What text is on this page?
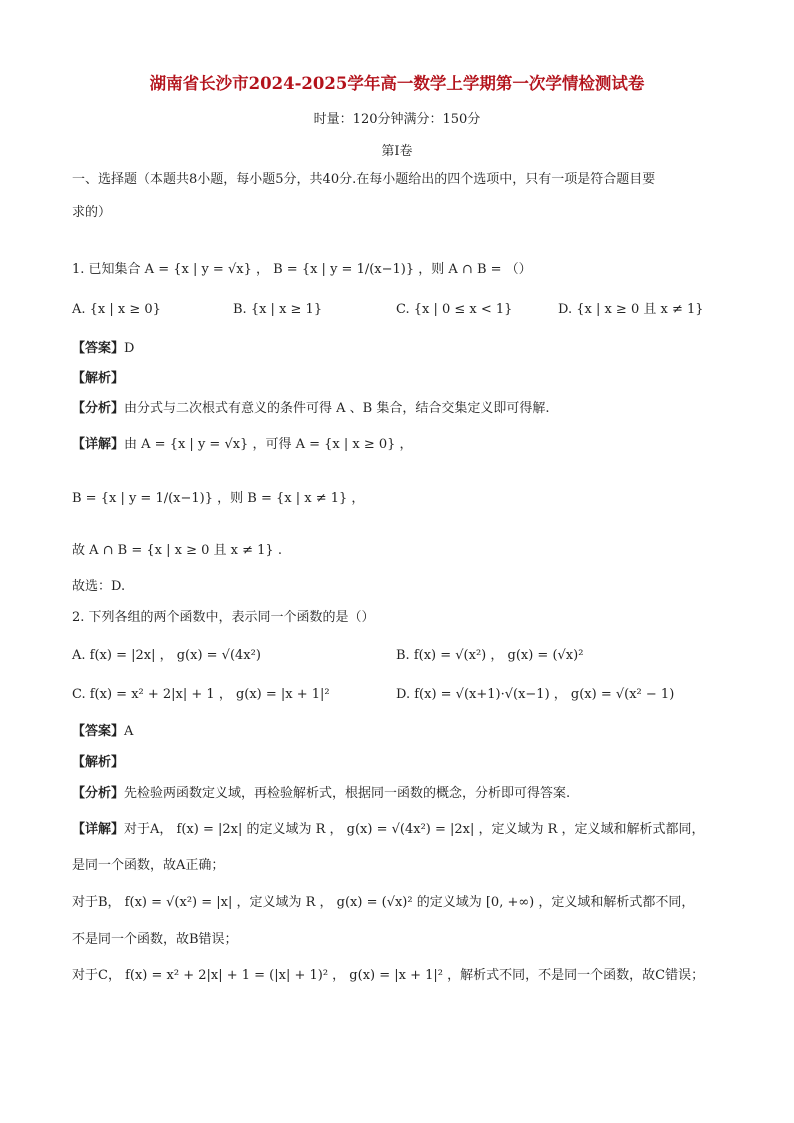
湖南省长沙市2024-2025学年高一数学上学期第一次学情检测试卷
时量：120分钟满分：150分
第I卷
一、选择题（本题共8小题，每小题5分，共40分.在每小题给出的四个选项中，只有一项是符合题目要
求的）
1. 已知集合 A = {x | y = √x} ， B = {x | y = 1/(x−1)} ，则 A ∩ B = （）
A. {x | x ≥ 0}	B. {x | x ≥ 1}	C. {x | 0 ≤ x < 1}	D. {x | x ≥ 0 且 x ≠ 1}
【答案】D
【解析】
【分析】由分式与二次根式有意义的条件可得 A 、B 集合，结合交集定义即可得解.
【详解】由 A = {x | y = √x} ，可得 A = {x | x ≥ 0} ，
B = {x | y = 1/(x−1)} ，则 B = {x | x ≠ 1} ，
故 A ∩ B = {x | x ≥ 0 且 x ≠ 1} .
故选：D.
2. 下列各组的两个函数中，表示同一个函数的是（）
A. f(x) = |2x| ， g(x) = √(4x²)	B. f(x) = √(x²) ， g(x) = (√x)²
C. f(x) = x² + 2|x| + 1 ， g(x) = |x + 1|²	D. f(x) = √(x+1)·√(x−1) ， g(x) = √(x² − 1)
【答案】A
【解析】
【分析】先检验两函数定义域，再检验解析式，根据同一函数的概念，分析即可得答案.
【详解】对于A， f(x) = |2x| 的定义域为 R ， g(x) = √(4x²) = |2x| ，定义域为 R ，定义域和解析式都同，
是同一个函数，故A正确；
对于B， f(x) = √(x²) = |x| ，定义域为 R ， g(x) = (√x)² 的定义域为 [0, +∞) ，定义域和解析式都不同，
不是同一个函数，故B错误；
对于C， f(x) = x² + 2|x| + 1 = (|x| + 1)² ， g(x) = |x + 1|² ，解析式不同，不是同一个函数，故C错误；
